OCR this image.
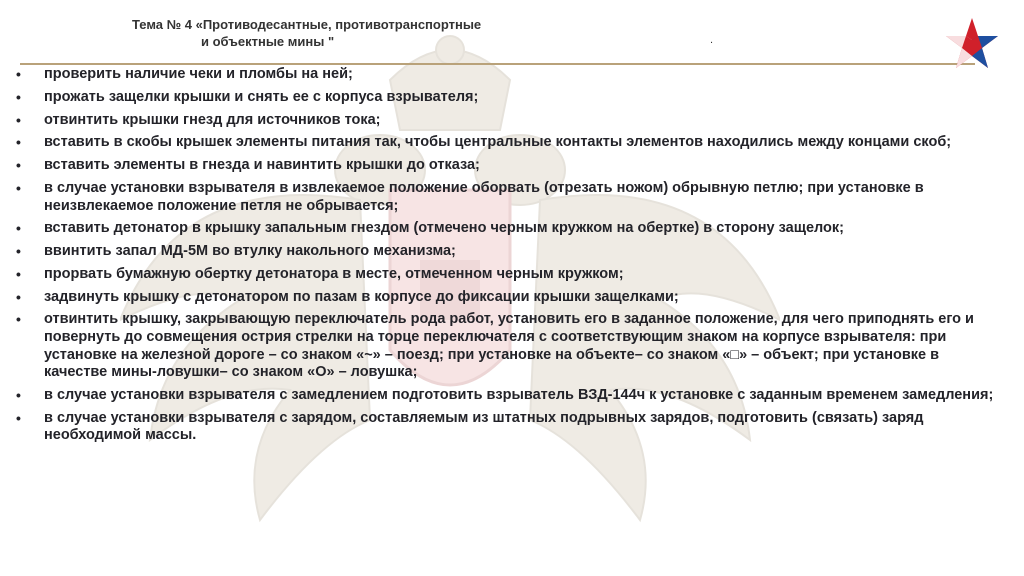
Тема № 4 «Противодесантные, противотранспортные
и объектные мины "	.
•	проверить наличие чеки и пломбы на ней;
•	прожать защелки крышки и снять ее с корпуса взрывателя;
•	отвинтить крышки гнезд для источников тока;
•	вставить в скобы крышек элементы питания так, чтобы центральные контакты элементов находились между концами скоб;
•	вставить элементы в гнезда и навинтить крышки до отказа;
•	в случае установки взрывателя в извлекаемое положение оборвать (отрезать ножом) обрывную петлю; при установке в неизвлекаемое положение петля не обрывается;
•	вставить детонатор в крышку запальным гнездом (отмечено черным кружком на обертке) в сторону защелок;
•	ввинтить запал МД-5М во втулку накольного механизма;
•	прорвать бумажную обертку детонатора в месте, отмеченном черным кружком;
•	задвинуть крышку с детонатором по пазам в корпусе до фиксации крышки защелками;
•	отвинтить крышку, закрывающую переключатель рода работ, установить его в заданное положение, для чего приподнять его и повернуть до совмещения острия стрелки на торце переключателя с соответствующим знаком на корпусе взрывателя: при установке на железной дороге – со знаком «~» – поезд; при установке на объекте– со знаком «□» – объект; при установке в качестве мины-ловушки– со знаком «О» – ловушка;
•	в случае установки взрывателя с замедлением подготовить взрыватель ВЗД-144ч к установке с заданным временем замедления;
•	в случае установки взрывателя с зарядом, составляемым из штатных подрывных зарядов, подготовить (связать) заряд необходимой массы.
